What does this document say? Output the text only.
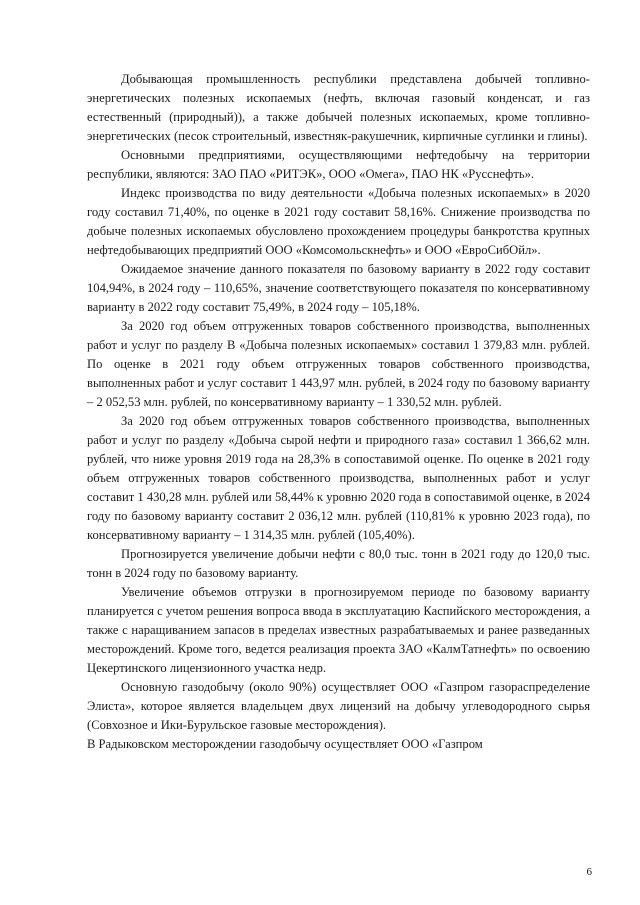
Добывающая промышленность республики представлена добычей топливно-энергетических полезных ископаемых (нефть, включая газовый конденсат, и газ естественный (природный)), а также добычей полезных ископаемых, кроме топливно-энергетических (песок строительный, известняк-ракушечник, кирпичные суглинки и глины).

Основными предприятиями, осуществляющими нефтедобычу на территории республики, являются: ЗАО ПАО «РИТЭК», ООО «Омега», ПАО НК «Русснефть».

Индекс производства по виду деятельности «Добыча полезных ископаемых» в 2020 году составил 71,40%, по оценке в 2021 году составит 58,16%. Снижение производства по добыче полезных ископаемых обусловлено прохождением процедуры банкротства крупных нефтедобывающих предприятий ООО «Комсомольскнефть» и ООО «ЕвроСибОйл».

Ожидаемое значение данного показателя по базовому варианту в 2022 году составит 104,94%, в 2024 году – 110,65%, значение соответствующего показателя по консервативному варианту в 2022 году составит 75,49%, в 2024 году – 105,18%.

За 2020 год объем отгруженных товаров собственного производства, выполненных работ и услуг по разделу В «Добыча полезных ископаемых» составил 1 379,83 млн. рублей. По оценке в 2021 году объем отгруженных товаров собственного производства, выполненных работ и услуг составит 1 443,97 млн. рублей, в 2024 году по базовому варианту – 2 052,53 млн. рублей, по консервативному варианту – 1 330,52 млн. рублей.

За 2020 год объем отгруженных товаров собственного производства, выполненных работ и услуг по разделу «Добыча сырой нефти и природного газа» составил 1 366,62 млн. рублей, что ниже уровня 2019 года на 28,3% в сопоставимой оценке. По оценке в 2021 году объем отгруженных товаров собственного производства, выполненных работ и услуг составит 1 430,28 млн. рублей или 58,44% к уровню 2020 года в сопоставимой оценке, в 2024 году по базовому варианту составит 2 036,12 млн. рублей (110,81% к уровню 2023 года), по консервативному варианту – 1 314,35 млн. рублей (105,40%).

Прогнозируется увеличение добычи нефти с 80,0 тыс. тонн в 2021 году до 120,0 тыс. тонн в 2024 году по базовому варианту.

Увеличение объемов отгрузки в прогнозируемом периоде по базовому варианту планируется с учетом решения вопроса ввода в эксплуатацию Каспийского месторождения, а также с наращиванием запасов в пределах известных разрабатываемых и ранее разведанных месторождений. Кроме того, ведется реализация проекта ЗАО «КалмТатнефть» по освоению Цекертинского лицензионного участка недр.

Основную газодобычу (около 90%) осуществляет ООО «Газпром газораспределение Элиста», которое является владельцем двух лицензий на добычу углеводородного сырья (Совхозное и Ики-Бурульское газовые месторождения).

В Радыковском месторождении газодобычу осуществляет ООО «Газпром

6
